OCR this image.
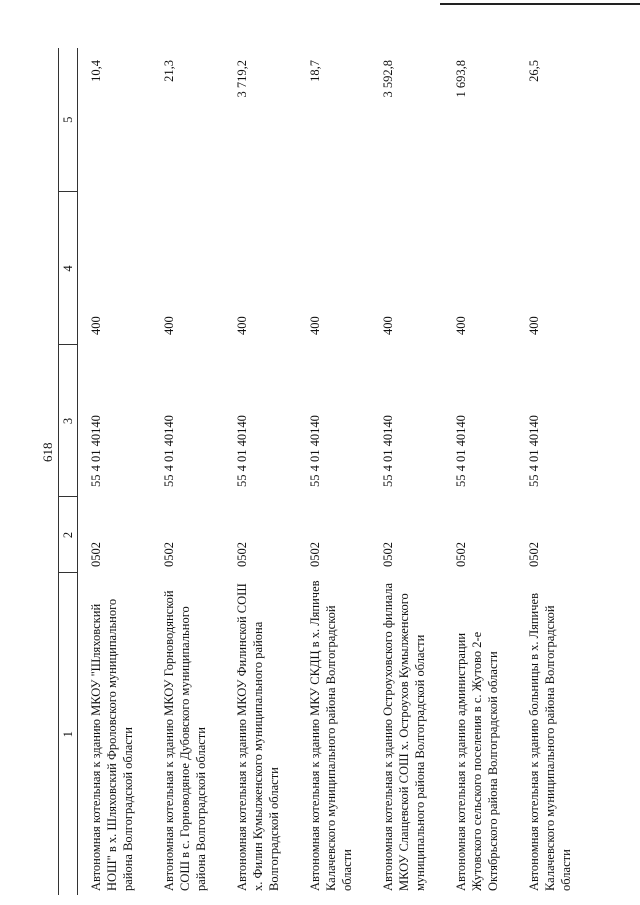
618
1	2	3	4	5
Автономная котельная к зданию МКОУ "Шляховский НОШ" в х. Шляховский Фроловского муниципального района Волгоградской области	0502	55 4 01 40140	400	10,4
Автономная котельная к зданию МКОУ Горноводянской СОШ в с. Горноводяное Дубовского муниципального района Волгоградской области	0502	55 4 01 40140	400	21,3
Автономная котельная к зданию МКОУ Филинской СОШ х. Филин Кумылженского муниципального района Волгоградской области	0502	55 4 01 40140	400	3 719,2
Автономная котельная к зданию МКУ СКДЦ в х. Ляпичев Калачевского муниципального района Волгоградской области	0502	55 4 01 40140	400	18,7
Автономная котельная к зданию Остроуховского филиала МКОУ Слащевской СОШ х. Остроухов Кумылженского муниципального района Волгоградской области	0502	55 4 01 40140	400	3 592,8
Автономная котельная к зданию администрации Жутовского сельского поселения в с. Жутово 2-е Октябрьского района Волгоградской области	0502	55 4 01 40140	400	1 693,8
Автономная котельная к зданию больницы в х. Ляпичев Калачевского муниципального района Волгоградской области	0502	55 4 01 40140	400	26,5
